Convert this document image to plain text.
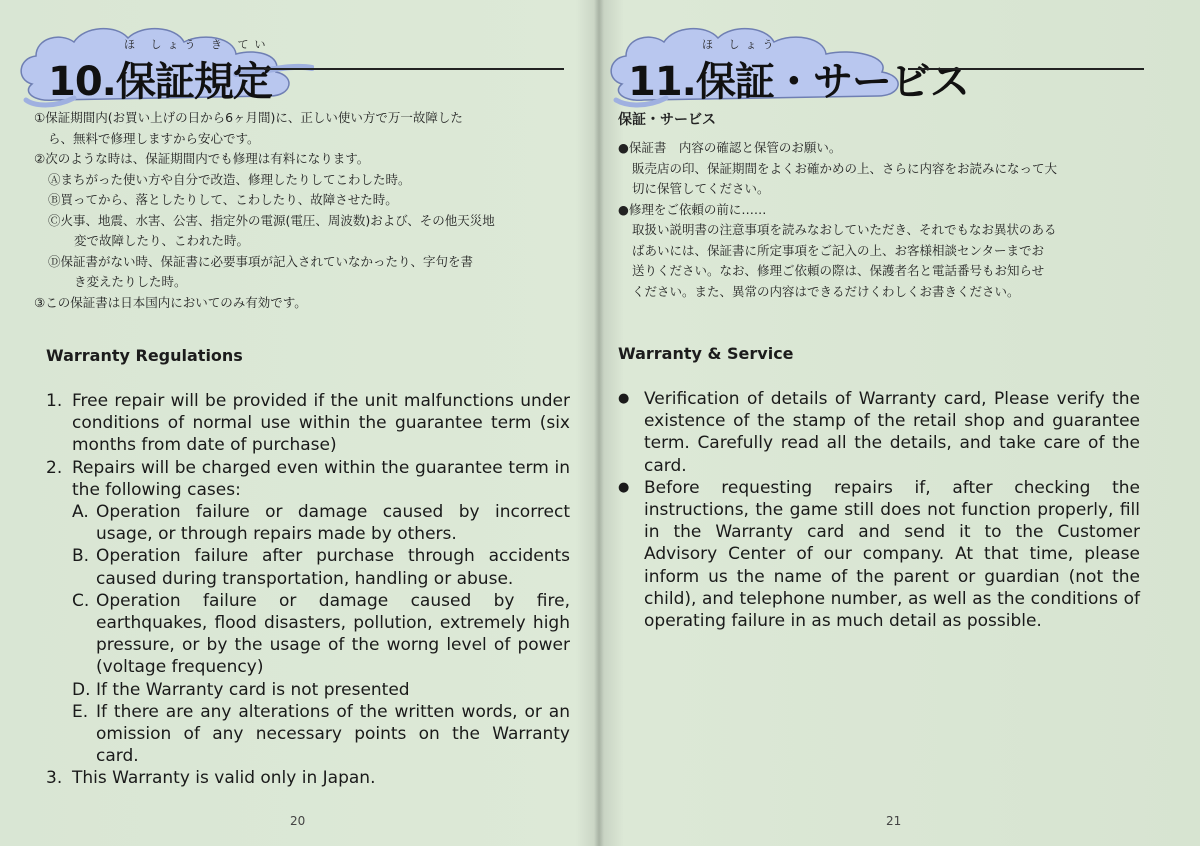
ほ しょう き てい
10.保証規定

①保証期間内(お買い上げの日から6ヶ月間)に、正しい使い方で万一故障した

ら、無料で修理しますから安心です。

②次のような時は、保証期間内でも修理は有料になります。

Ⓐまちがった使い方や自分で改造、修理したりしてこわした時。

Ⓑ買ってから、落としたりして、こわしたり、故障させた時。

Ⓒ火事、地震、水害、公害、指定外の電源(電圧、周波数)および、その他天災地

変で故障したり、こわれた時。

Ⓓ保証書がない時、保証書に必要事項が記入されていなかったり、字句を書

き変えたりした時。

③この保証書は日本国内においてのみ有効です。

Warranty Regulations
1. Free repair will be provided if the unit malfunctions under conditions of normal use within the guarantee term (six months from date of purchase)
2. Repairs will be charged even within the guarantee term in the following cases:
A. Operation failure or damage caused by incorrect usage, or through repairs made by others.
B. Operation failure after purchase through accidents caused during transportation, handling or abuse.
C. Operation failure or damage caused by fire, earthquakes, flood disasters, pollution, extremely high pressure, or by the usage of the worng level of power (voltage frequency)
D. If the Warranty card is not presented
E. If there are any alterations of the written words, or an omission of any necessary points on the Warranty card.
3. This Warranty is valid only in Japan.
20
ほ しょう
11.保証・サービス

保証・サービス

●保証書　内容の確認と保管のお願い。

販売店の印、保証期間をよくお確かめの上、さらに内容をお読みになって大

切に保管してください。

●修理をご依頼の前に……

取扱い説明書の注意事項を読みなおしていただき、それでもなお異状のある

ばあいには、保証書に所定事項をご記入の上、お客様相談センターまでお

送りください。なお、修理ご依頼の際は、保護者名と電話番号もお知らせ

ください。また、異常の内容はできるだけくわしくお書きください。

Warranty & Service
● Verification of details of Warranty card, Please verify the existence of the stamp of the retail shop and guarantee term. Carefully read all the details, and take care of the card.
● Before requesting repairs if, after checking the instructions, the game still does not function properly, fill in the Warranty card and send it to the Customer Advisory Center of our company. At that time, please inform us the name of the parent or guardian (not the child), and telephone number, as well as the conditions of operating failure in as much detail as possible.
21
